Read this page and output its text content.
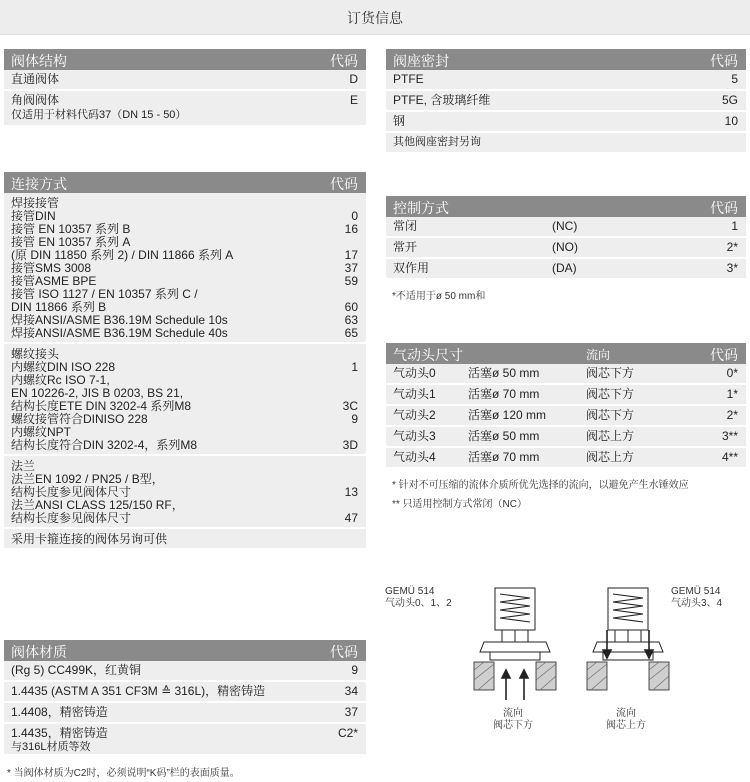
订货信息
阀体结构	代码
直通阀体	D
角阀阀体	E
仅适用于材料代码37（DN 15 - 50）
连接方式	代码
焊接接管
接管DIN	0
接管 EN 10357 系列 B	16
接管 EN 10357 系列 A
(原 DIN 11850 系列 2) / DIN 11866 系列 A	17
接管SMS 3008	37
接管ASME BPE	59
接管 ISO 1127 / EN 10357 系列 C /
DIN 11866 系列 B	60
焊接ANSI/ASME B36.19M Schedule 10s	63
焊接ANSI/ASME B36.19M Schedule 40s	65
螺纹接头
内螺纹DIN ISO 228	1
内螺纹Rc ISO 7-1,
EN 10226-2, JIS B 0203, BS 21,
结构长度ETE DIN 3202-4 系列M8	3C
螺纹接管符合DINISO 228	9
内螺纹NPT
结构长度符合DIN 3202-4，系列M8	3D
法兰
法兰EN 1092 / PN25 / B型，
结构长度参见阀体尺寸	13
法兰ANSI CLASS 125/150 RF，
结构长度参见阀体尺寸	47
采用卡箍连接的阀体另询可供
阀体材质	代码
(Rg 5) CC499K，红黄铜	9
1.4435 (ASTM A 351 CF3M ≙ 316L)，精密铸造	34
1.4408，精密铸造	37
1.4435，精密铸造	C2*
与316L材质等效
* 当阀体材质为C2时，必须说明“K码”栏的表面质量。
阀座密封	代码
PTFE	5
PTFE, 含玻璃纤维	5G
钢	10
其他阀座密封另询
控制方式	代码
常闭	(NC)	1
常开	(NO)	2*
双作用	(DA)	3*
*不适用于ø 50 mm和
气动头尺寸	流向	代码
气动头0	活塞ø 50 mm	阀芯下方	0*
气动头1	活塞ø 70 mm	阀芯下方	1*
气动头2	活塞ø 120 mm	阀芯下方	2*
气动头3	活塞ø 50 mm	阀芯上方	3**
气动头4	活塞ø 70 mm	阀芯上方	4**
* 针对不可压缩的流体介质所优先选择的流向，以避免产生水锤效应
** 只适用控制方式常闭（NC）
GEMÜ 514
气动头0、1、2
GEMÜ 514
气动头3、4
流向
阀芯下方
流向
阀芯上方
